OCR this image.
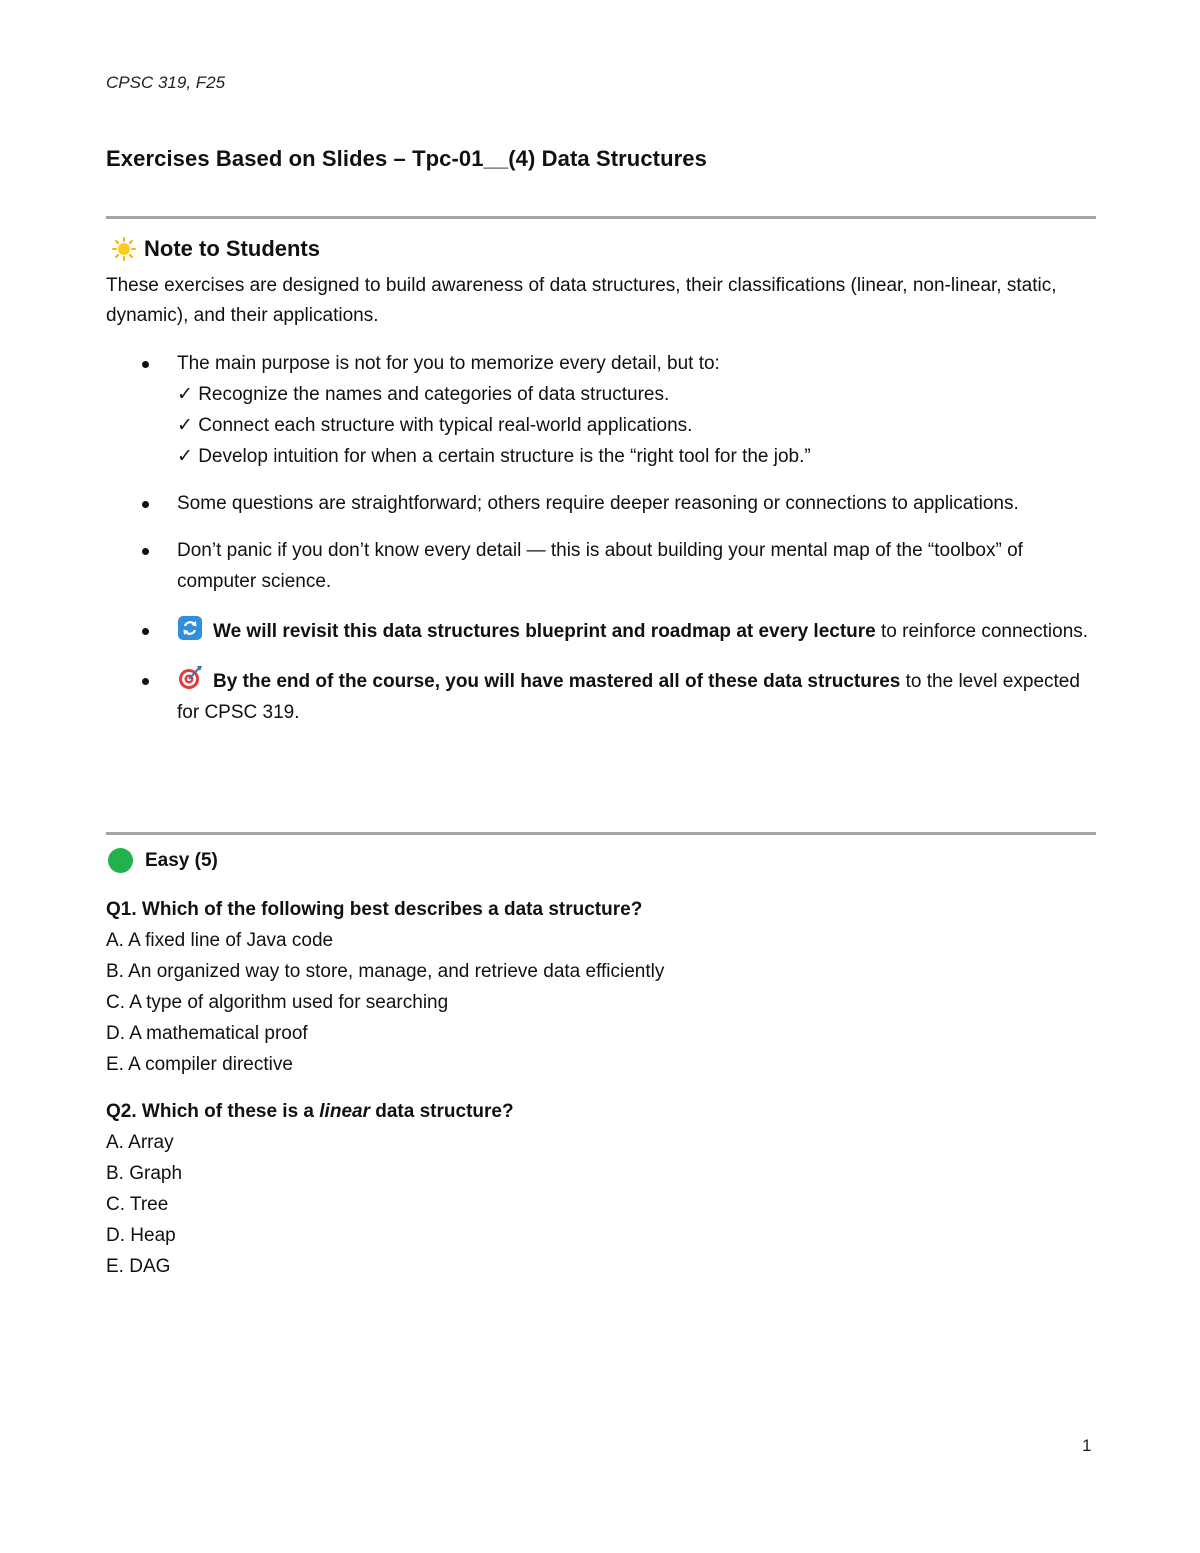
CPSC 319, F25
Exercises Based on Slides – Tpc-01__(4) Data Structures
Note to Students
These exercises are designed to build awareness of data structures, their classifications (linear, non-linear, static, dynamic), and their applications.
The main purpose is not for you to memorize every detail, but to:
✓ Recognize the names and categories of data structures.
✓ Connect each structure with typical real-world applications.
✓ Develop intuition for when a certain structure is the “right tool for the job.”
Some questions are straightforward; others require deeper reasoning or connections to applications.
Don’t panic if you don’t know every detail — this is about building your mental map of the “toolbox” of computer science.
We will revisit this data structures blueprint and roadmap at every lecture to reinforce connections.
By the end of the course, you will have mastered all of these data structures to the level expected for CPSC 319.
Easy (5)
Q1. Which of the following best describes a data structure?
A. A fixed line of Java code
B. An organized way to store, manage, and retrieve data efficiently
C. A type of algorithm used for searching
D. A mathematical proof
E. A compiler directive
Q2. Which of these is a linear data structure?
A. Array
B. Graph
C. Tree
D. Heap
E. DAG
1
